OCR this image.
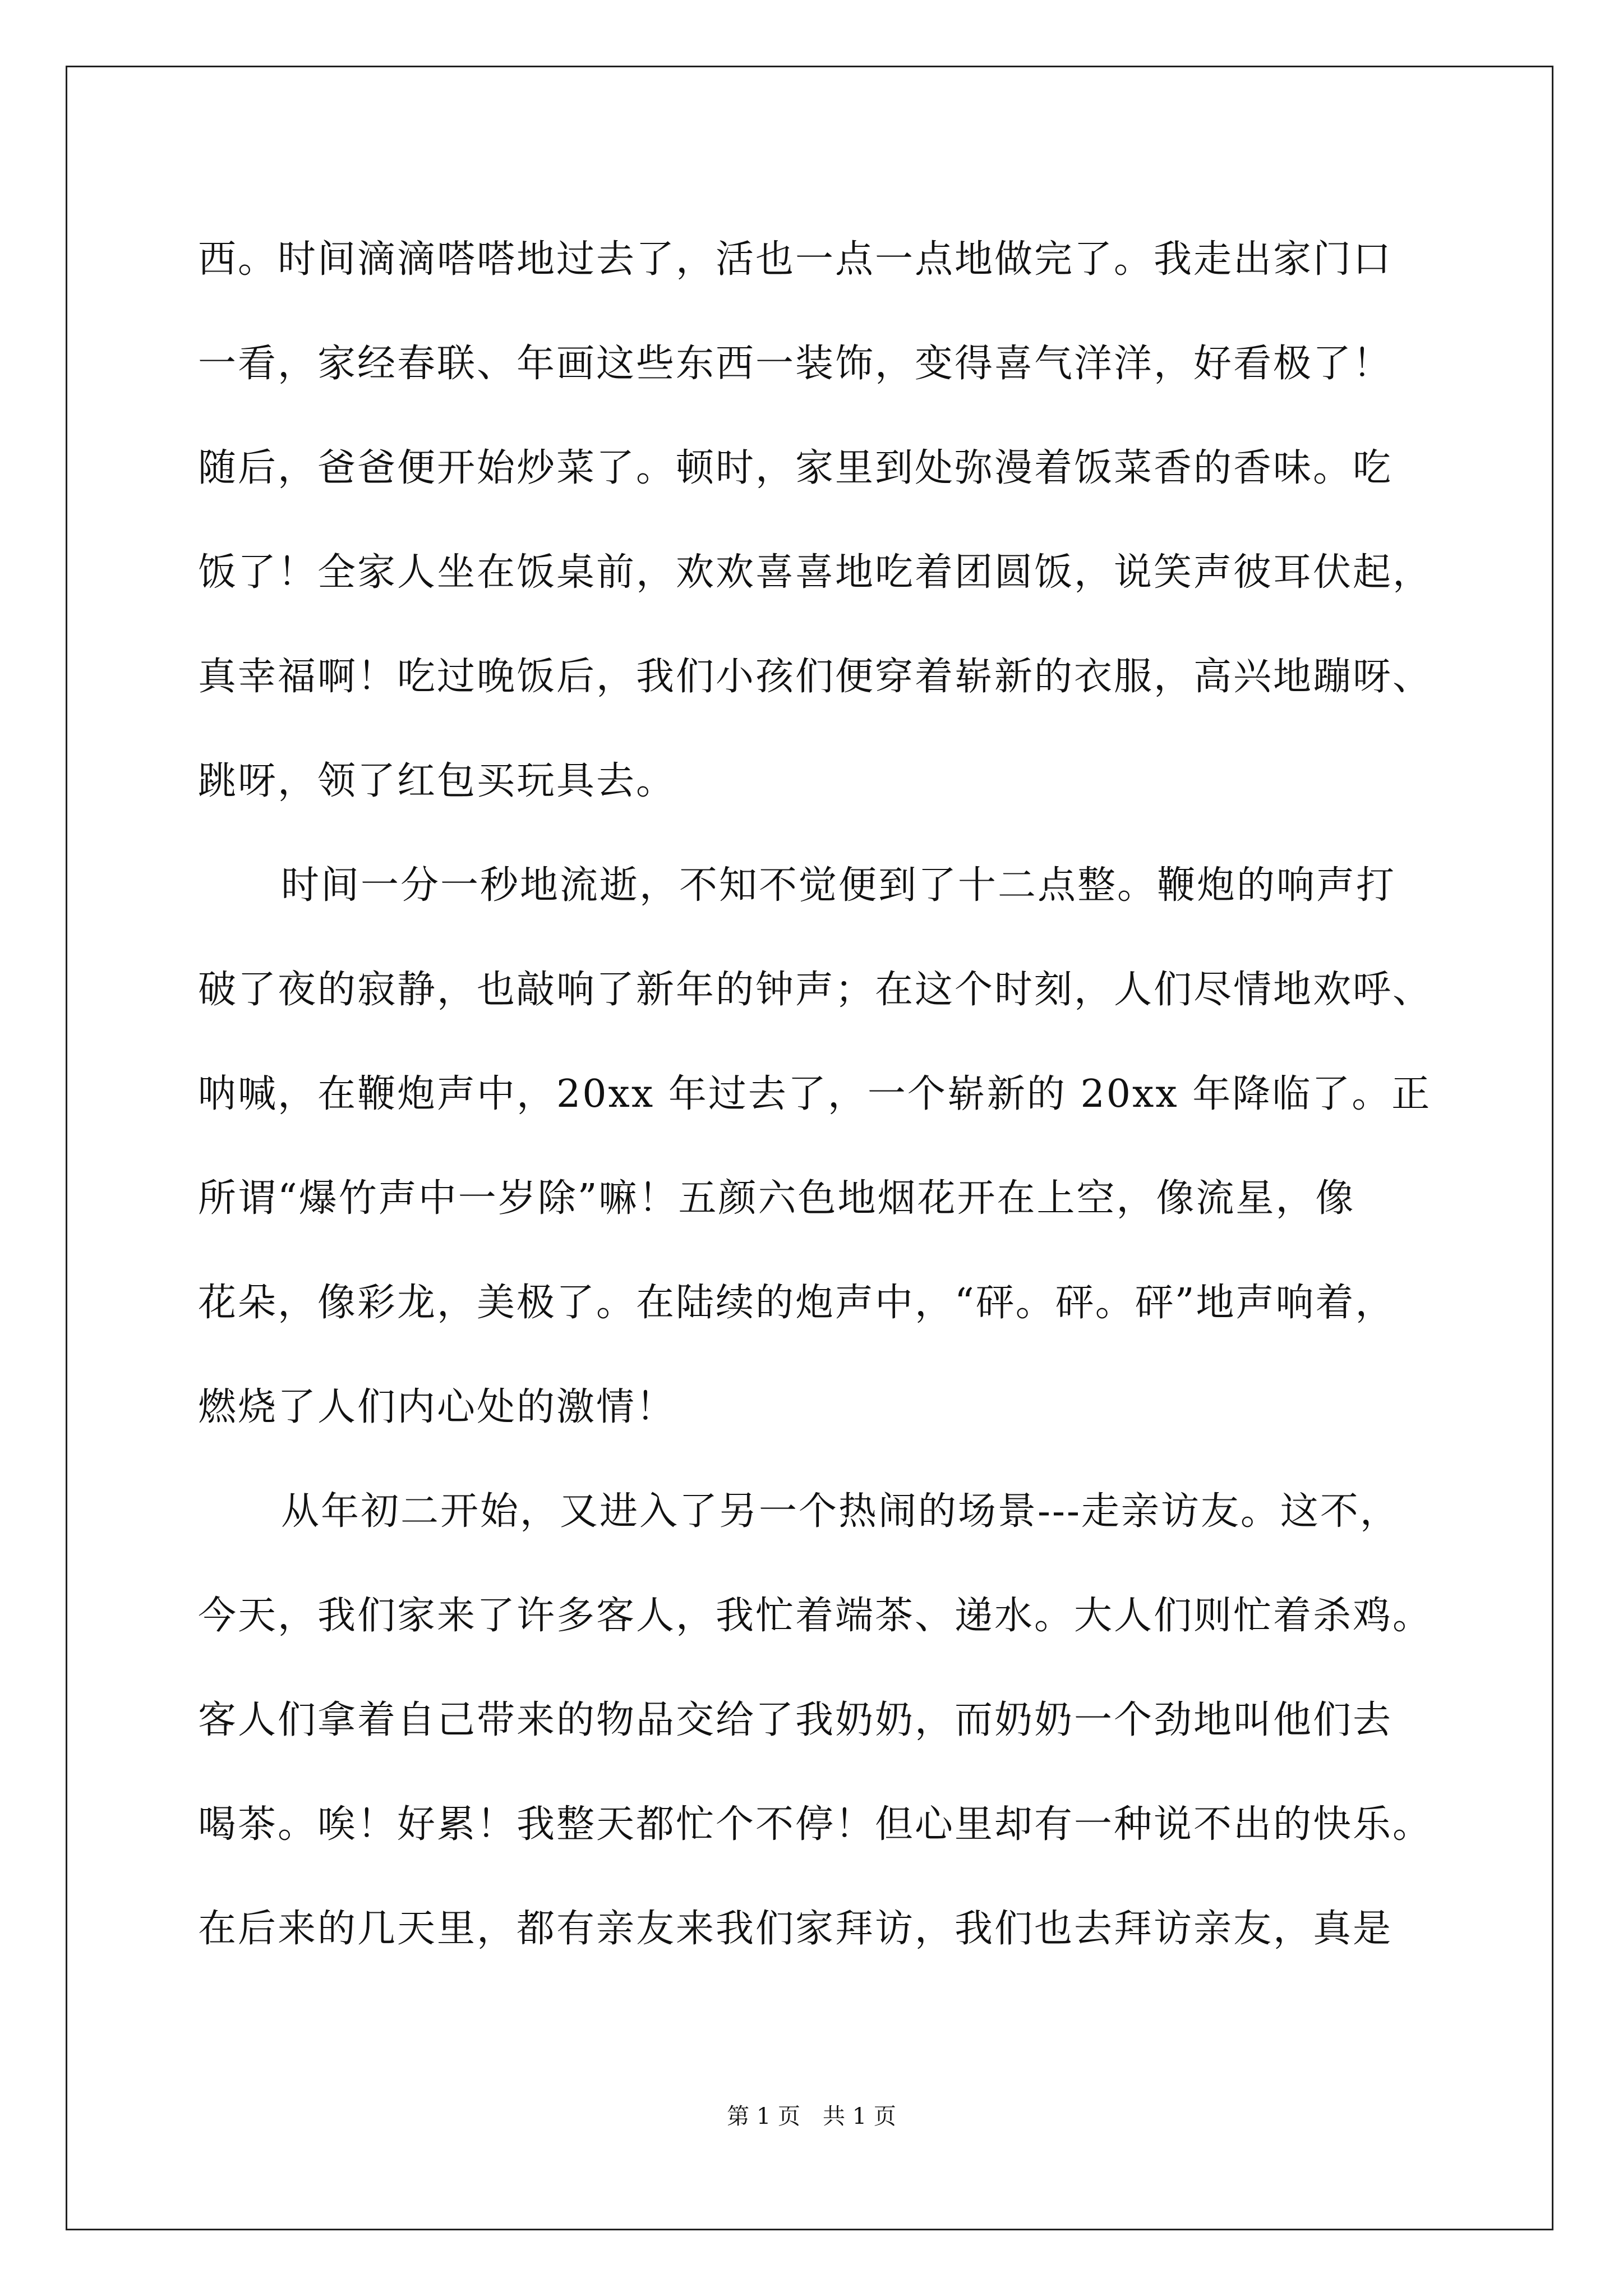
西。时间滴滴嗒嗒地过去了，活也一点一点地做完了。我走出家门口
一看，家经春联、年画这些东西一装饰，变得喜气洋洋，好看极了！
随后，爸爸便开始炒菜了。顿时，家里到处弥漫着饭菜香的香味。吃
饭了！全家人坐在饭桌前，欢欢喜喜地吃着团圆饭，说笑声彼耳伏起，
真幸福啊！吃过晚饭后，我们小孩们便穿着崭新的衣服，高兴地蹦呀、
跳呀，领了红包买玩具去。
时间一分一秒地流逝，不知不觉便到了十二点整。鞭炮的响声打
破了夜的寂静，也敲响了新年的钟声；在这个时刻，人们尽情地欢呼、
呐喊，在鞭炮声中，20xx 年过去了，一个崭新的 20xx 年降临了。正
所谓“爆竹声中一岁除”嘛！五颜六色地烟花开在上空，像流星，像
花朵，像彩龙，美极了。在陆续的炮声中，“砰。砰。砰”地声响着，
燃烧了人们内心处的激情！
从年初二开始，又进入了另一个热闹的场景---走亲访友。这不，
今天，我们家来了许多客人，我忙着端茶、递水。大人们则忙着杀鸡。
客人们拿着自己带来的物品交给了我奶奶，而奶奶一个劲地叫他们去
喝茶。唉！好累！我整天都忙个不停！但心里却有一种说不出的快乐。
在后来的几天里，都有亲友来我们家拜访，我们也去拜访亲友，真是
第 1 页　共 1 页
